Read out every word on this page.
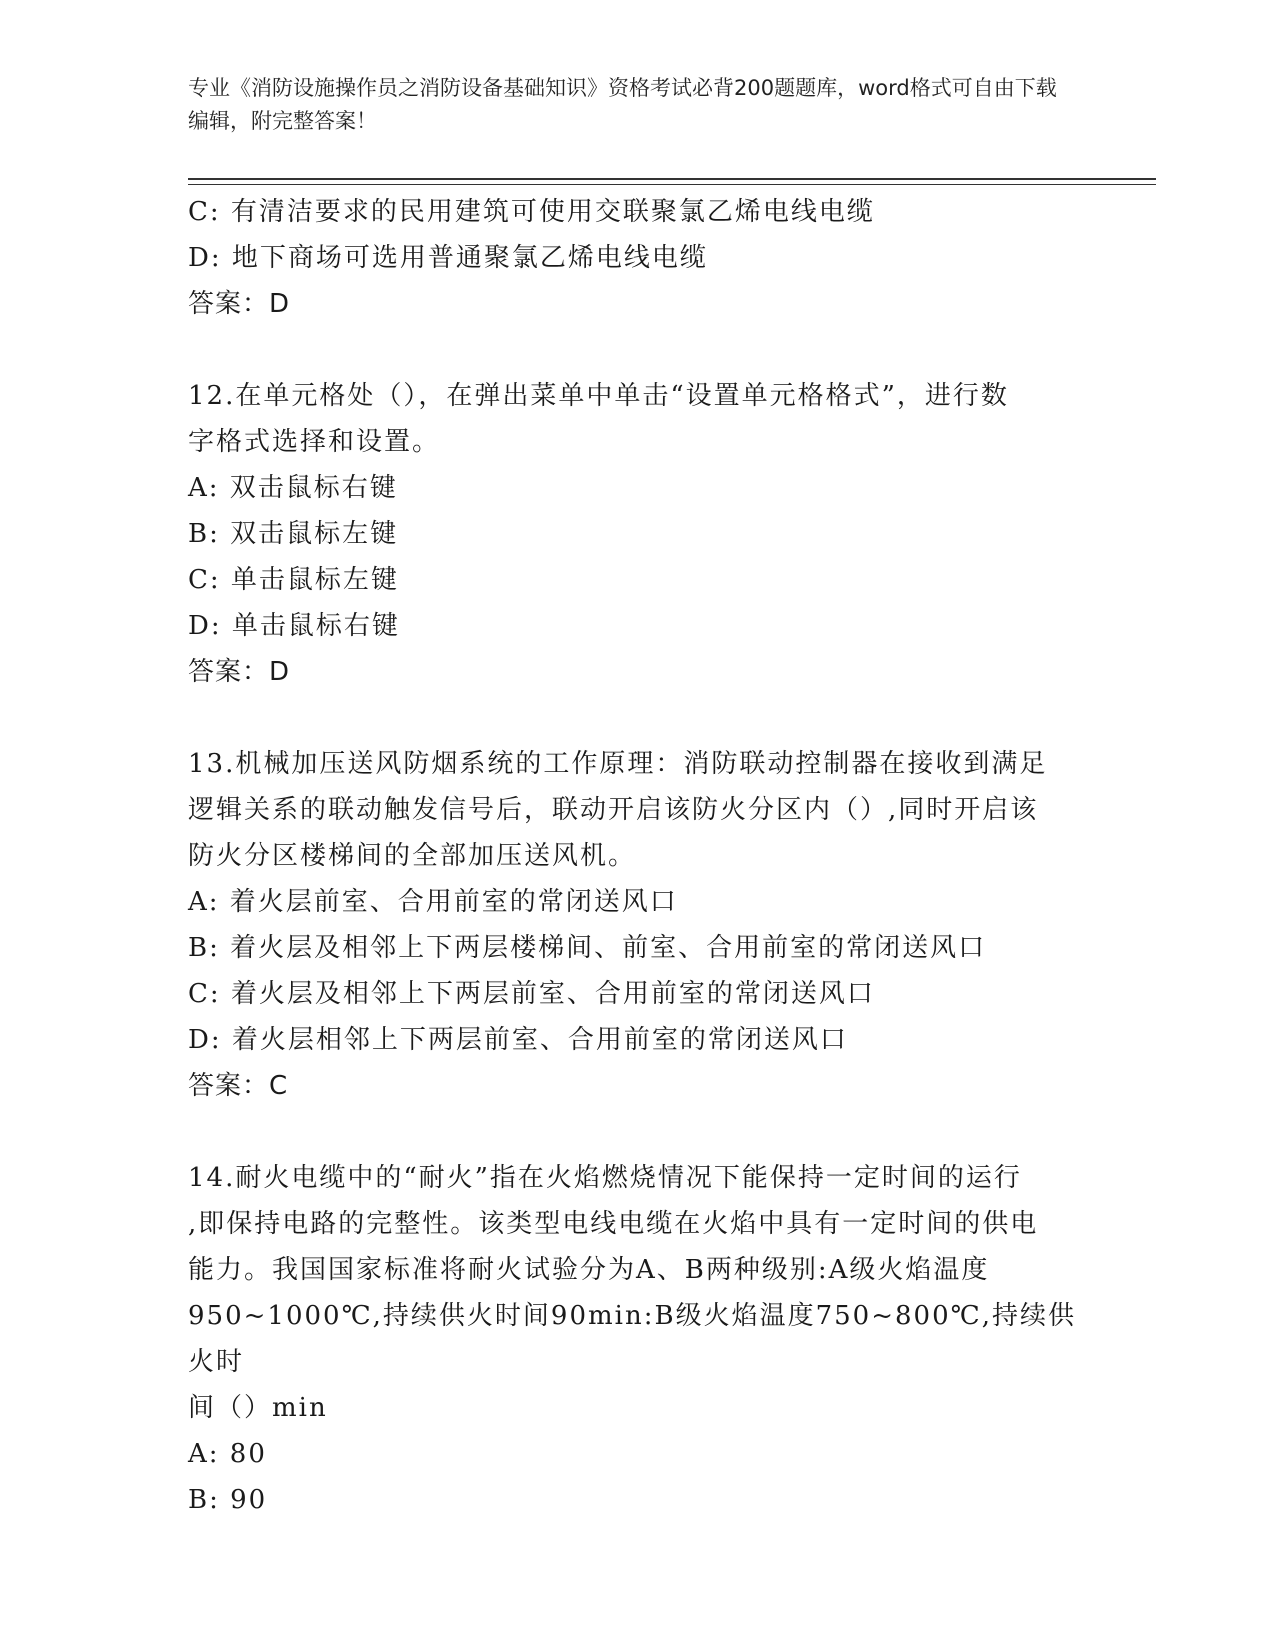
专业《消防设施操作员之消防设备基础知识》资格考试必背200题题库，word格式可自由下载编辑，附完整答案！
C: 有清洁要求的民用建筑可使用交联聚氯乙烯电线电缆
D: 地下商场可选用普通聚氯乙烯电线电缆
答案：D
12.在单元格处（），在弹出菜单中单击“设置单元格格式”，进行数
字格式选择和设置。
A: 双击鼠标右键
B: 双击鼠标左键
C: 单击鼠标左键
D: 单击鼠标右键
答案：D
13.机械加压送风防烟系统的工作原理：消防联动控制器在接收到满足
逻辑关系的联动触发信号后，联动开启该防火分区内（）,同时开启该
防火分区楼梯间的全部加压送风机。
A: 着火层前室、合用前室的常闭送风口
B: 着火层及相邻上下两层楼梯间、前室、合用前室的常闭送风口
C: 着火层及相邻上下两层前室、合用前室的常闭送风口
D: 着火层相邻上下两层前室、合用前室的常闭送风口
答案：C
14.耐火电缆中的“耐火”指在火焰燃烧情况下能保持一定时间的运行
,即保持电路的完整性。该类型电线电缆在火焰中具有一定时间的供电
能力。我国国家标准将耐火试验分为A、B两种级别:A级火焰温度
950~1000℃,持续供火时间90min:B级火焰温度750~800℃,持续供火时
间（）min
A: 80
B: 90
